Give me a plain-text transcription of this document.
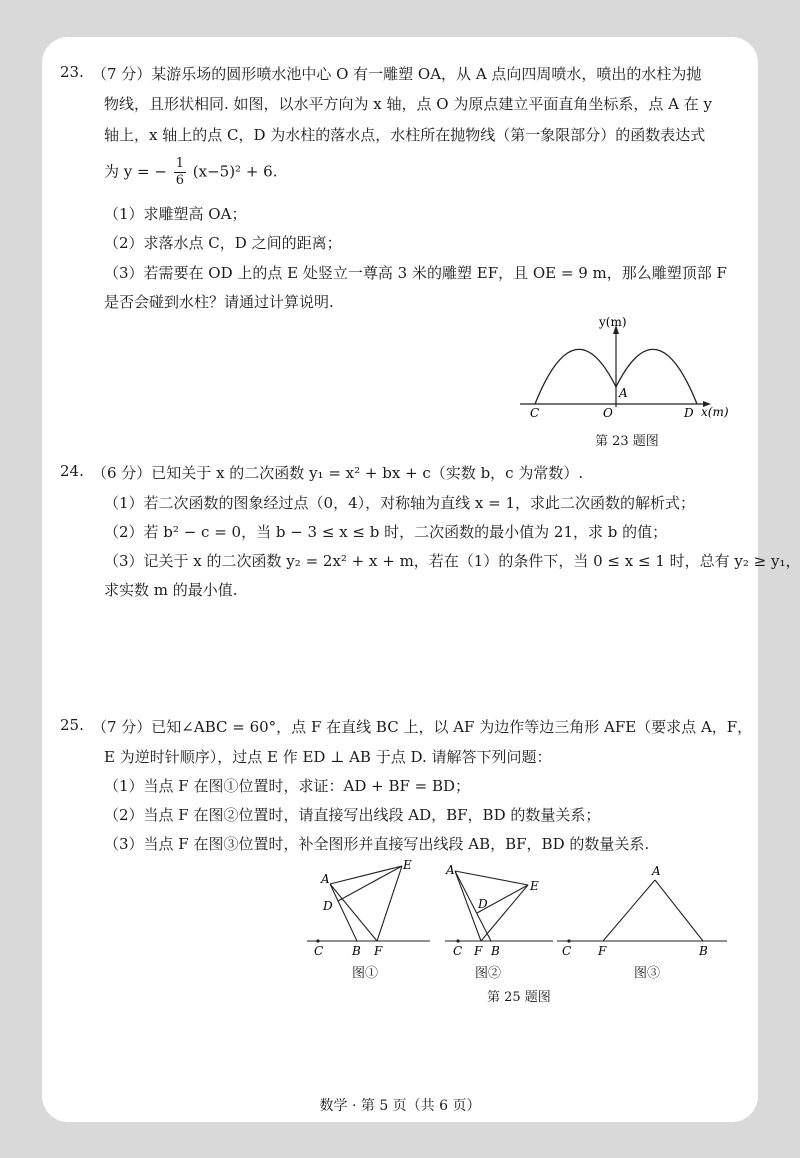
23. （7 分）某游乐场的圆形喷水池中心 O 有一雕塑 OA，从 A 点向四周喷水，喷出的水柱为抛
物线，且形状相同. 如图，以水平方向为 x 轴，点 O 为原点建立平面直角坐标系，点 A 在 y
轴上，x 轴上的点 C，D 为水柱的落水点，水柱所在抛物线（第一象限部分）的函数表达式
为 y = − $\frac{1}{6} (x-5)^2 + 6$.
（1）求雕塑高 OA；
（2）求落水点 C，D 之间的距离；
（3）若需要在 OD 上的点 E 处竖立一尊高 3 米的雕塑 EF，且 OE = 9 m，那么雕塑顶部 F
是否会碰到水柱？请通过计算说明.
y(m)
x(m)
A
C	O	D
第 23 题图
24. （6 分）已知关于 x 的二次函数 y₁ = x² + bx + c（实数 b，c 为常数）.
（1）若二次函数的图象经过点（0，4），对称轴为直线 x = 1，求此二次函数的解析式；
（2）若 b² − c = 0，当 b − 3 ≤ x ≤ b 时，二次函数的最小值为 21，求 b 的值；
（3）记关于 x 的二次函数 y₂ = 2x² + x + m，若在（1）的条件下，当 0 ≤ x ≤ 1 时，总有 y₂ ≥ y₁，
求实数 m 的最小值.
25. （7 分）已知∠ABC = 60°，点 F 在直线 BC 上，以 AF 为边作等边三角形 AFE（要求点 A，F，
E 为逆时针顺序），过点 E 作 ED ⊥ AB 于点 D. 请解答下列问题：
（1）当点 F 在图①位置时，求证：AD + BF = BD；
（2）当点 F 在图②位置时，请直接写出线段 AD，BF，BD 的数量关系；
（3）当点 F 在图③位置时，补全图形并直接写出线段 AB，BF，BD 的数量关系.
A
D
E
C B F
图①
A
D
E
C F B
图②
A
C F	B
图③
第 25 题图
数学 · 第 5 页（共 6 页）
